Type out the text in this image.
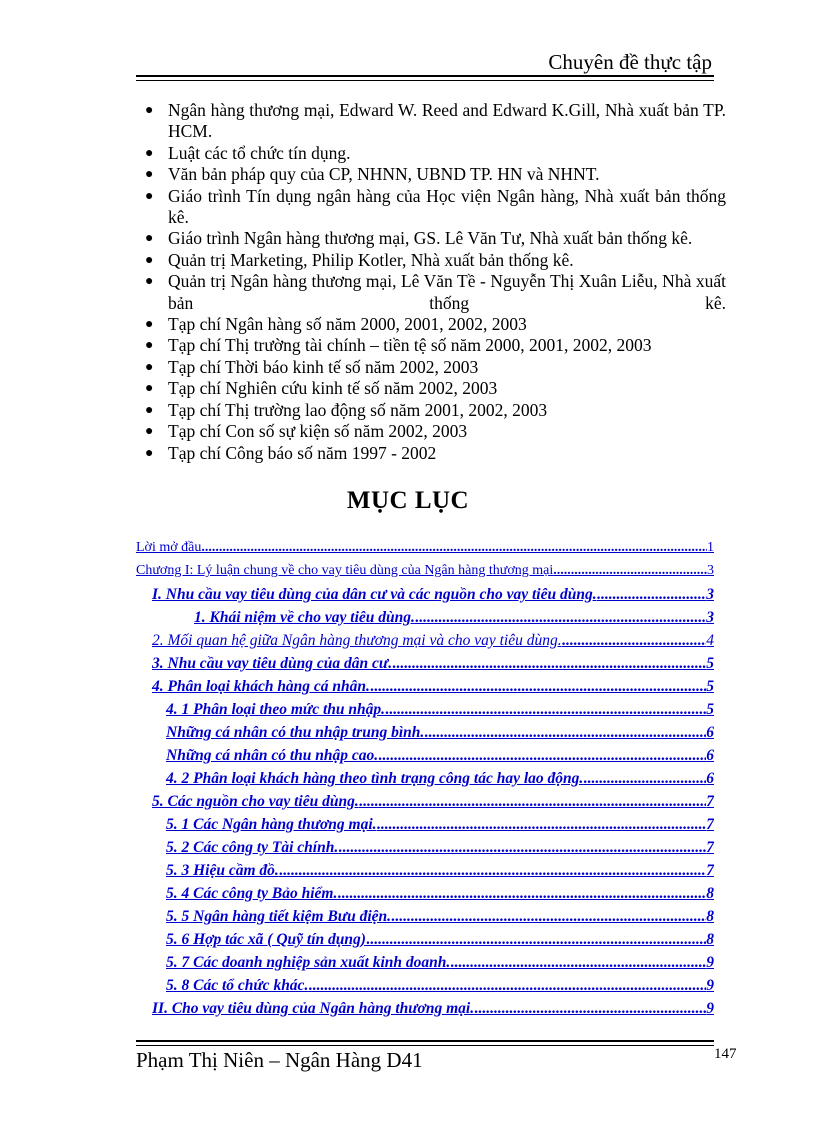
Chuyên đề thực tập
● Ngân hàng thương mại, Edward W. Reed and Edward K.Gill, Nhà xuất bản TP. HCM.
● Luật các tổ chức tín dụng.
● Văn bản pháp quy của CP, NHNN, UBND TP. HN và NHNT.
● Giáo trình Tín dụng ngân hàng của Học viện Ngân hàng, Nhà xuất bản thống kê.
● Giáo trình Ngân hàng thương mại, GS. Lê Văn Tư, Nhà xuất bản thống kê.
● Quản trị Marketing, Philip Kotler, Nhà xuất bản thống kê.
● Quản trị Ngân hàng thương mại, Lê Văn Tề - Nguyễn Thị Xuân Liễu, Nhà xuất bản thống kê.
● Tạp chí Ngân hàng số năm 2000, 2001, 2002, 2003
● Tạp chí Thị trường tài chính – tiền tệ số năm 2000, 2001, 2002, 2003
● Tạp chí Thời báo kinh tế số năm 2002, 2003
● Tạp chí Nghiên cứu kinh tế số năm 2002, 2003
● Tạp chí Thị trường lao động số năm 2001, 2002, 2003
● Tạp chí Con số sự kiện số năm 2002, 2003
● Tạp chí Công báo số năm 1997 - 2002
MỤC LỤC
Lời mở đầu .....	1
Chương I: Lý luận chung về cho vay tiêu dùng của Ngân hàng thương mại .....	3
I. Nhu cầu vay tiêu dùng của dân cư và các nguồn cho vay tiêu dùng. .....	3
1. Khái niệm về cho vay tiêu dùng. .....	3
2. Mối quan hệ giữa Ngân hàng thương mại và cho vay tiêu dùng. .....	4
3. Nhu cầu vay tiêu dùng của dân cư. .....	5
4. Phân loại khách hàng cá nhân. .....	5
4. 1 Phân loại theo mức thu nhập. .....	5
Những cá nhân có thu nhập trung bình. .....	6
Những cá nhân có thu nhập cao. .....	6
4. 2 Phân loại khách hàng theo tình trạng công tác hay lao động. .....	6
5. Các nguồn cho vay tiêu dùng. .....	7
5. 1 Các Ngân hàng thương mại. .....	7
5. 2 Các công ty Tài chính. .....	7
5. 3 Hiệu cầm đồ. .....	7
5. 4 Các công ty Bảo hiểm. .....	8
5. 5 Ngân hàng tiết kiệm Bưu điện. .....	8
5. 6 Hợp tác xã ( Quỹ tín dụng) .....	8
5. 7 Các doanh nghiệp sản xuất kinh doanh. .....	9
5. 8 Các tổ chức khác. .....	9
II. Cho vay tiêu dùng của Ngân hàng thương mại. .....	9
Phạm Thị Niên – Ngân Hàng D41	147
